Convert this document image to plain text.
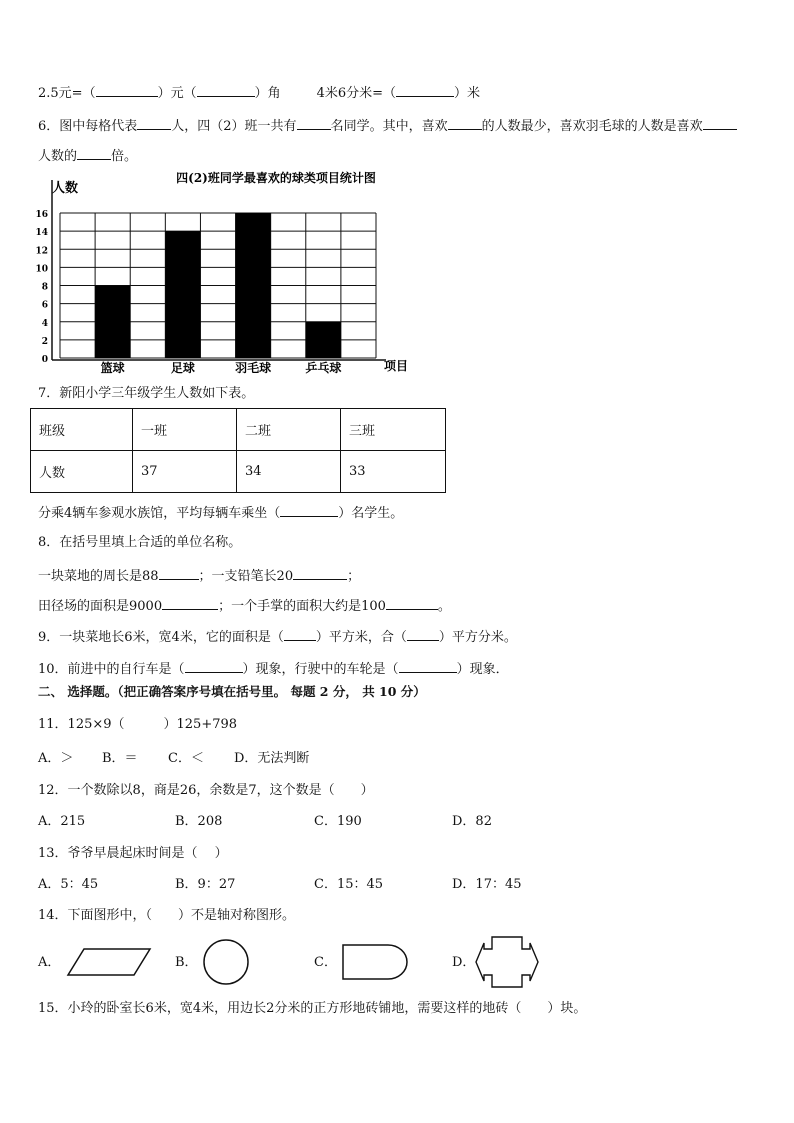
2.5元=（	）元（	）角	4米6分米=（	）米
6．图中每格代表	人，四（2）班一共有	名同学。其中，喜欢	的人数最少，喜欢羽毛球的人数是喜欢
人数的	倍。
四(2)班同学最喜欢的球类项目统计图
人数
项目
0
2
4
6
8
10
12
14
16
篮球	足球	羽毛球	乒乓球
7．新阳小学三年级学生人数如下表。
班级	一班	二班	三班
人数	37	34	33
分乘4辆车参观水族馆，平均每辆车乘坐（	）名学生。
8．在括号里填上合适的单位名称。
一块菜地的周长是88	；一支铅笔长20	；
田径场的面积是9000	；一个手掌的面积大约是100	。
9．一块菜地长6米，宽4米，它的面积是（ ）平方米，合（ ）平方分米。
10．前进中的自行车是（	）现象，行驶中的车轮是（	）现象．
二、 选择题。（把正确答案序号填在括号里。 每题 2 分， 共 10 分）
11．125×9（　　　）125+798
A．＞ B．＝ C．＜ D．无法判断
12．一个数除以8，商是26，余数是7，这个数是（　　）
A．215	B．208	C．190	D．82
13．爷爷早晨起床时间是（　 ）
A．5：45	B．9：27	C．15：45	D．17：45
14．下面图形中，（　　）不是轴对称图形。
A．	B．	C．	D．
15．小玲的卧室长6米，宽4米，用边长2分米的正方形地砖铺地，需要这样的地砖（　　）块。
